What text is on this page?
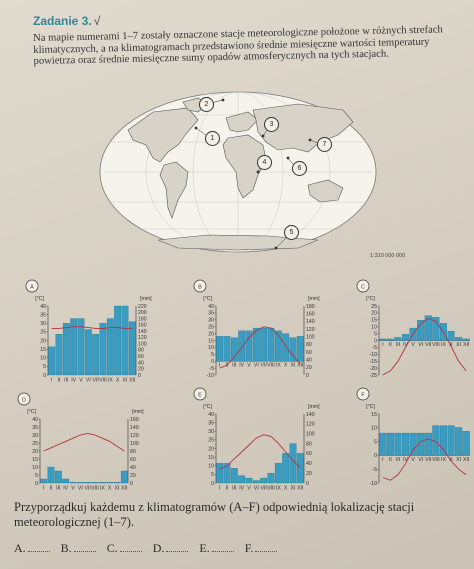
Zadanie 3. √
Na mapie numerami 1–7 zostały oznaczone stacje meteorologiczne położone w różnych strefach klimatycznych, a na klimatogramach przedstawiono średnie miesięczne wartości temperatury powietrza oraz średnie miesięczne sumy opadów atmosferycznych na tych stacjach.
1
2
3
4
5
6
7
1:310 000 000
A
[°C]	[mm]
40
35
30
25
20
15
10
5
0
220
200
180
160
140
120
100
80
60
40
20
0
I II III IV V VI VII VIII IX X XI XII
B
[°C]	[mm]
40
35
30
25
20
15
10
5
0
-5
-10
180
160
140
120
100
80
60
40
20
0
I II III IV V VI VII VIII IX X XI XII
C
[°C]
25
20
15
10
5
0
-5
-10
-15
-20
-25
I II III IV V VI VII VIII IX X XI XII
D
[°C]	[mm]
40
35
30
25
20
15
10
5
0
160
140
120
100
80
60
40
20
0
I II III IV V VI VII VIII IX X XI XII
E
[°C]	[mm]
40
35
30
25
20
15
10
5
0
140
120
100
80
60
40
20
0
I II III IV V VI VII VIII IX X XI XII
F
[°C]
15
10
5
0
-5
-10
I II III IV V VI VII VIII IX X XI XII
Przyporządkuj każdemu z klimatogramów (A–F) odpowiednią lokalizację stacji meteorologicznej (1–7).
A.	B.	C.	D.	E.	F.
